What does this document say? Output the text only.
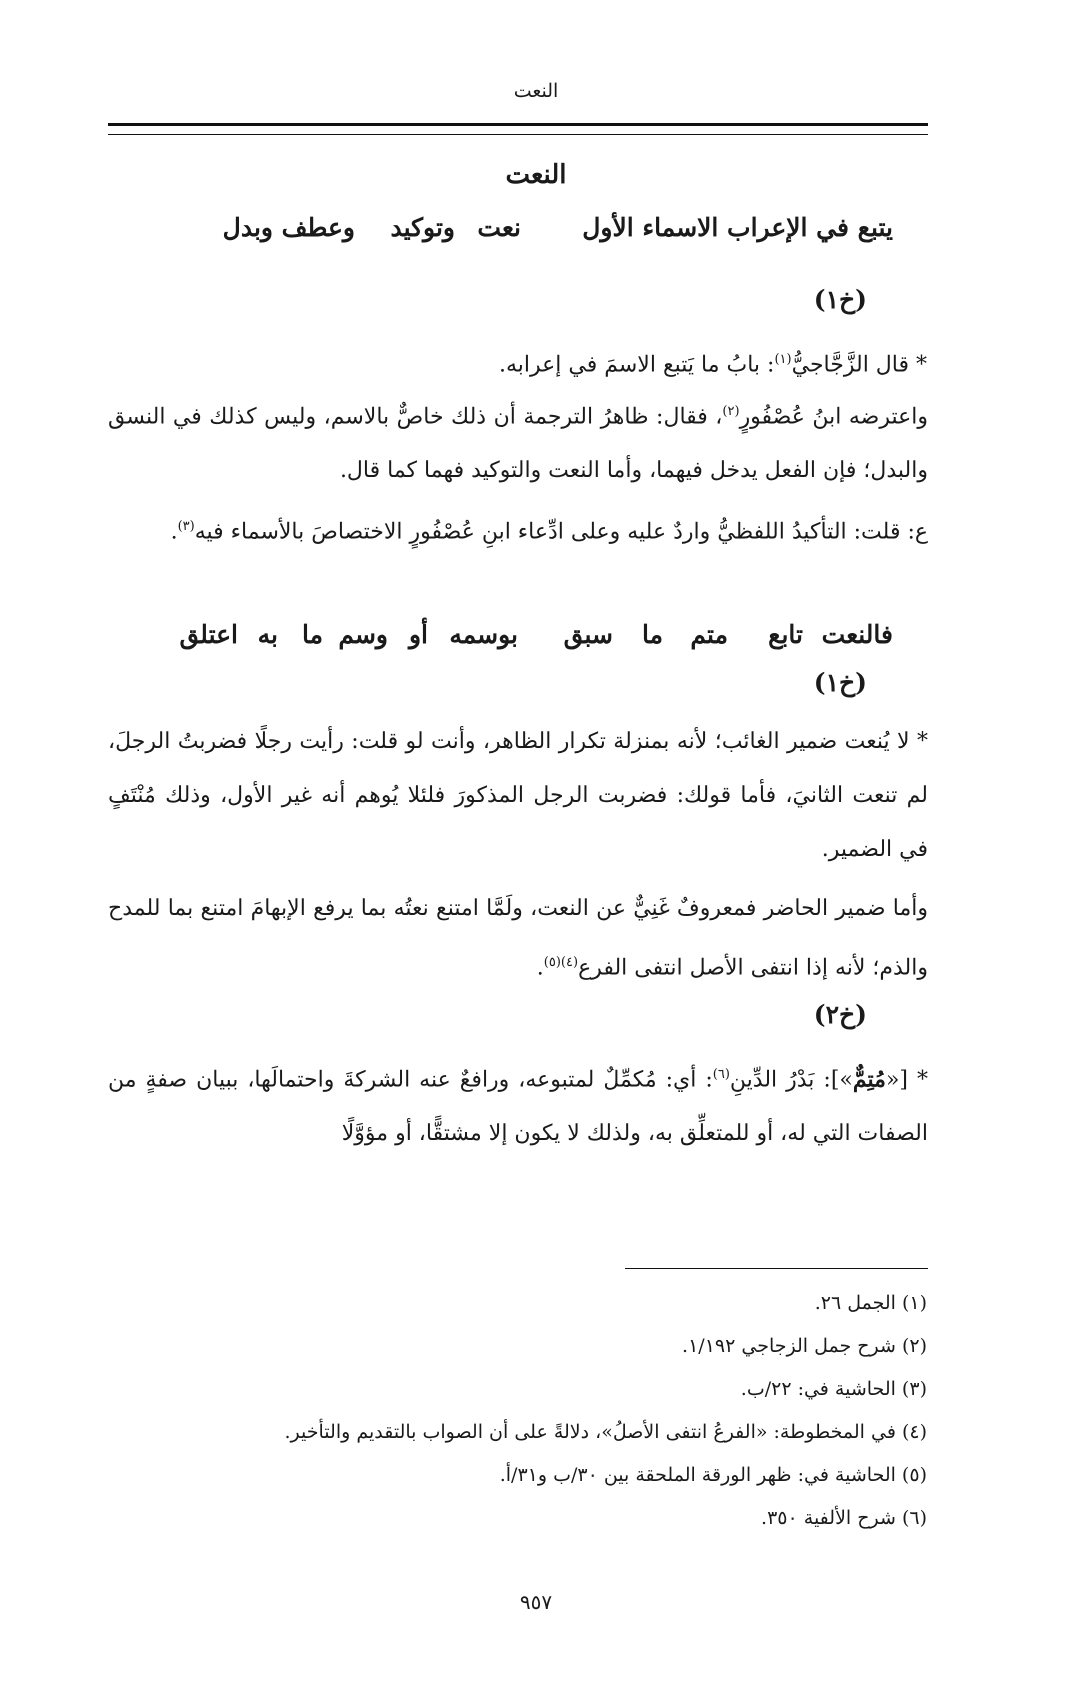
النعت
النعت
يتبع في الإعراب الاسماء الأول
نعت
وتوكيد
وعطف
وبدل
(خ١)
* قال الزَّجَّاجيُّ$^{(١)}$: بابُ ما يَتبع الاسمَ في إعرابه.
واعترضه ابنُ عُصْفُورٍ$^{(٢)}$، فقال: ظاهرُ الترجمة أن ذلك خاصٌّ بالاسم، وليس كذلك في النسق والبدل؛ فإن الفعل يدخل فيهما، وأما النعت والتوكيد فهما كما قال.
ع: قلت: التأكيدُ اللفظيُّ واردٌ عليه وعلى ادِّعاء ابنِ عُصْفُورٍ الاختصاصَ بالأسماء فيه$^{(٣)}$.
فالنعت
تابع
متم
ما
سبق
بوسمه
أو
وسم
ما
به
اعتلق
(خ١)
* لا يُنعت ضمير الغائب؛ لأنه بمنزلة تكرار الظاهر، وأنت لو قلت: رأيت رجلًا فضربتُ الرجلَ، لم تنعت الثانيَ، فأما قولك: فضربت الرجل المذكورَ فلئلا يُوهم أنه غير الأول، وذلك مُنْتَفٍ في الضمير.
وأما ضمير الحاضر فمعروفٌ غَنِيٌّ عن النعت، ولَمَّا امتنع نعتُه بما يرفع الإبهامَ امتنع بما للمدح والذم؛ لأنه إذا انتفى الأصل انتفى الفرع$^{(٤)(٥)}$.
(خ٢)
* [«مُتِمٌّ»]: بَدْرُ الدِّينِ$^{(٦)}$: أي: مُكمِّلٌ لمتبوعه، ورافعٌ عنه الشركةَ واحتمالَها، ببيان صفةٍ من الصفات التي له، أو للمتعلِّق به، ولذلك لا يكون إلا مشتقًّا، أو مؤوَّلًا
(١) الجمل ٢٦.
(٢) شرح جمل الزجاجي ١/١٩٢.
(٣) الحاشية في: ٢٢/ب.
(٤) في المخطوطة: «الفرعُ انتفى الأصلُ»، دلالةً على أن الصواب بالتقديم والتأخير.
(٥) الحاشية في: ظهر الورقة الملحقة بين ٣٠/ب و٣١/أ.
(٦) شرح الألفية ٣٥٠.
٩٥٧
